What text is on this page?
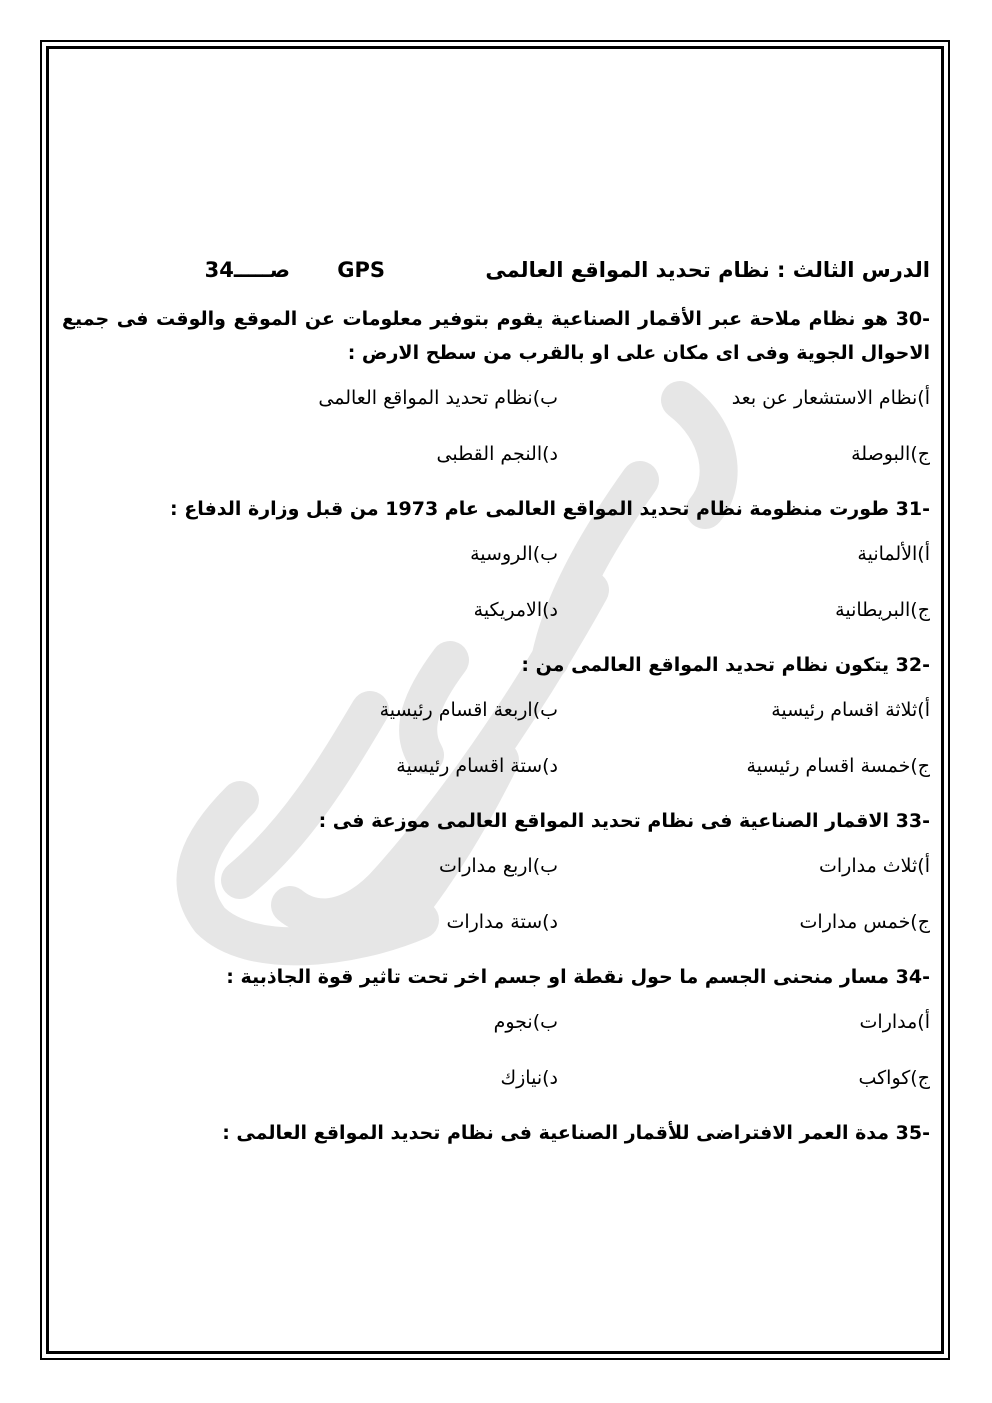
الدرس الثالث : نظام تحديد المواقع العالمى
GPS
صـــــ34
30- هو نظام ملاحة عبر الأقمار الصناعية يقوم بتوفير معلومات عن الموقع والوقت فى جميع الاحوال الجوية وفى اى مكان على او بالقرب من سطح الارض :
أ)نظام الاستشعار عن بعد
ب)نظام تحديد المواقع العالمى
ج)البوصلة
د)النجم القطبى
31- طورت منظومة نظام تحديد المواقع العالمى عام 1973 من قبل وزارة الدفاع :
أ)الألمانية
ب)الروسية
ج)البريطانية
د)الامريكية
32- يتكون نظام تحديد المواقع العالمى من :
أ)ثلاثة اقسام رئيسية
ب)اربعة اقسام رئيسية
ج)خمسة اقسام رئيسية
د)ستة اقسام رئيسية
33- الاقمار الصناعية فى نظام تحديد المواقع العالمى موزعة فى :
أ)ثلاث مدارات
ب)اربع مدارات
ج)خمس مدارات
د)ستة مدارات
34- مسار منحنى الجسم ما حول نقطة او جسم اخر تحت تاثير قوة الجاذبية :
أ)مدارات
ب)نجوم
ج)كواكب
د)نيازك
35- مدة العمر الافتراضى للأقمار الصناعية فى نظام تحديد المواقع العالمى :
